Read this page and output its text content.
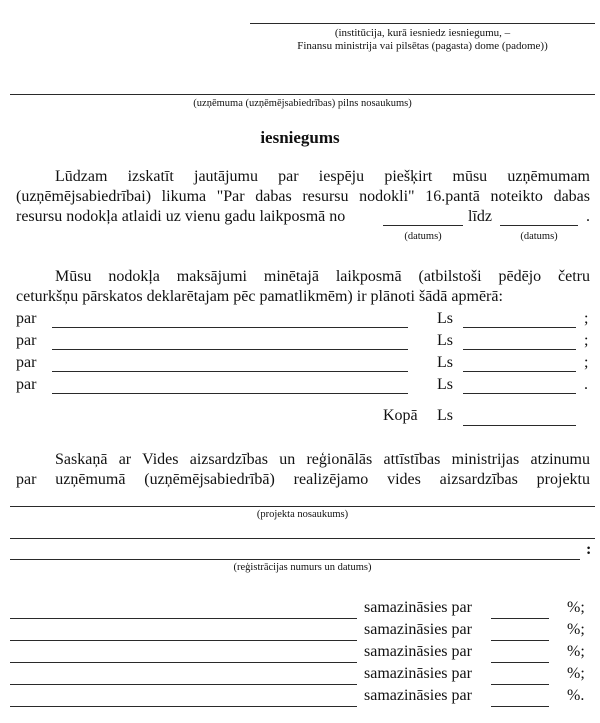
(institūcija, kurā iesniedz iesniegumu, –
Finansu ministrija vai pilsētas (pagasta) dome (padome))
(uzņēmuma (uzņēmējsabiedrības) pilns nosaukums)
iesniegums
Lūdzam izskatīt jautājumu par iespēju piešķirt mūsu uzņēmumam
(uzņēmējsabiedrībai) likuma "Par dabas resursu nodokli" 16.pantā noteikto dabas
resursu nodokļa atlaidi uz vienu gadu laikposmā no	līdz	.
(datums)	(datums)
Mūsu nodokļa maksājumi minētajā laikposmā (atbilstoši pēdējo četru
ceturkšņu pārskatos deklarētajam pēc pamatlikmēm) ir plānoti šādā apmērā:
par	Ls	;
par	Ls	;
par	Ls	;
par	Ls	.
Kopā Ls
Saskaņā ar Vides aizsardzības un reģionālās attīstības ministrijas atzinumu
par uzņēmumā (uzņēmējsabiedrībā) realizējamo vides aizsardzības projektu
(projekta nosaukums)
:
(reģistrācijas numurs un datums)
samazināsies par	%;
samazināsies par	%;
samazināsies par	%;
samazināsies par	%;
samazināsies par	%.
